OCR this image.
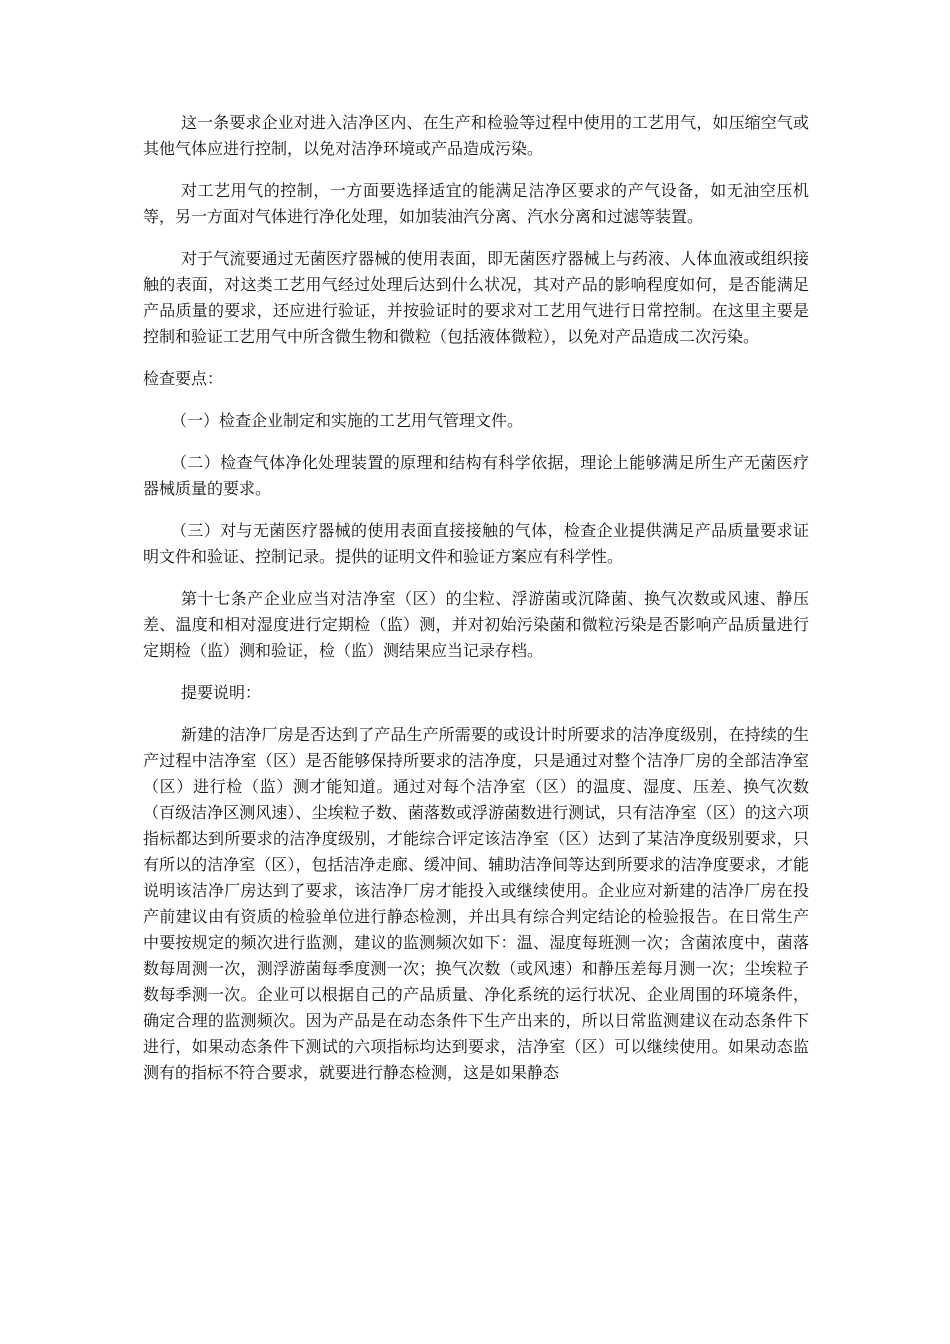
这一条要求企业对进入洁净区内、在生产和检验等过程中使用的工艺用气，如压缩空气或其他气体应进行控制，以免对洁净环境或产品造成污染。

对工艺用气的控制，一方面要选择适宜的能满足洁净区要求的产气设备，如无油空压机等，另一方面对气体进行净化处理，如加装油汽分离、汽水分离和过滤等装置。

对于气流要通过无菌医疗器械的使用表面，即无菌医疗器械上与药液、人体血液或组织接触的表面，对这类工艺用气经过处理后达到什么状况，其对产品的影响程度如何，是否能满足产品质量的要求，还应进行验证，并按验证时的要求对工艺用气进行日常控制。在这里主要是控制和验证工艺用气中所含微生物和微粒（包括液体微粒），以免对产品造成二次污染。

检查要点：

（一）检查企业制定和实施的工艺用气管理文件。

（二）检查气体净化处理装置的原理和结构有科学依据，理论上能够满足所生产无菌医疗器械质量的要求。

（三）对与无菌医疗器械的使用表面直接接触的气体，检查企业提供满足产品质量要求证明文件和验证、控制记录。提供的证明文件和验证方案应有科学性。

第十七条产企业应当对洁净室（区）的尘粒、浮游菌或沉降菌、换气次数或风速、静压差、温度和相对湿度进行定期检（监）测，并对初始污染菌和微粒污染是否影响产品质量进行定期检（监）测和验证，检（监）测结果应当记录存档。

提要说明：

新建的洁净厂房是否达到了产品生产所需要的或设计时所要求的洁净度级别，在持续的生产过程中洁净室（区）是否能够保持所要求的洁净度，只是通过对整个洁净厂房的全部洁净室（区）进行检（监）测才能知道。通过对每个洁净室（区）的温度、湿度、压差、换气次数（百级洁净区测风速）、尘埃粒子数、菌落数或浮游菌数进行测试，只有洁净室（区）的这六项指标都达到所要求的洁净度级别，才能综合评定该洁净室（区）达到了某洁净度级别要求，只有所以的洁净室（区），包括洁净走廊、缓冲间、辅助洁净间等达到所要求的洁净度要求，才能说明该洁净厂房达到了要求，该洁净厂房才能投入或继续使用。企业应对新建的洁净厂房在投产前建议由有资质的检验单位进行静态检测，并出具有综合判定结论的检验报告。在日常生产中要按规定的频次进行监测，建议的监测频次如下：温、湿度每班测一次；含菌浓度中，菌落数每周测一次，测浮游菌每季度测一次；换气次数（或风速）和静压差每月测一次；尘埃粒子数每季测一次。企业可以根据自己的产品质量、净化系统的运行状况、企业周围的环境条件，确定合理的监测频次。因为产品是在动态条件下生产出来的，所以日常监测建议在动态条件下进行，如果动态条件下测试的六项指标均达到要求，洁净室（区）可以继续使用。如果动态监测有的指标不符合要求，就要进行静态检测，这是如果静态
